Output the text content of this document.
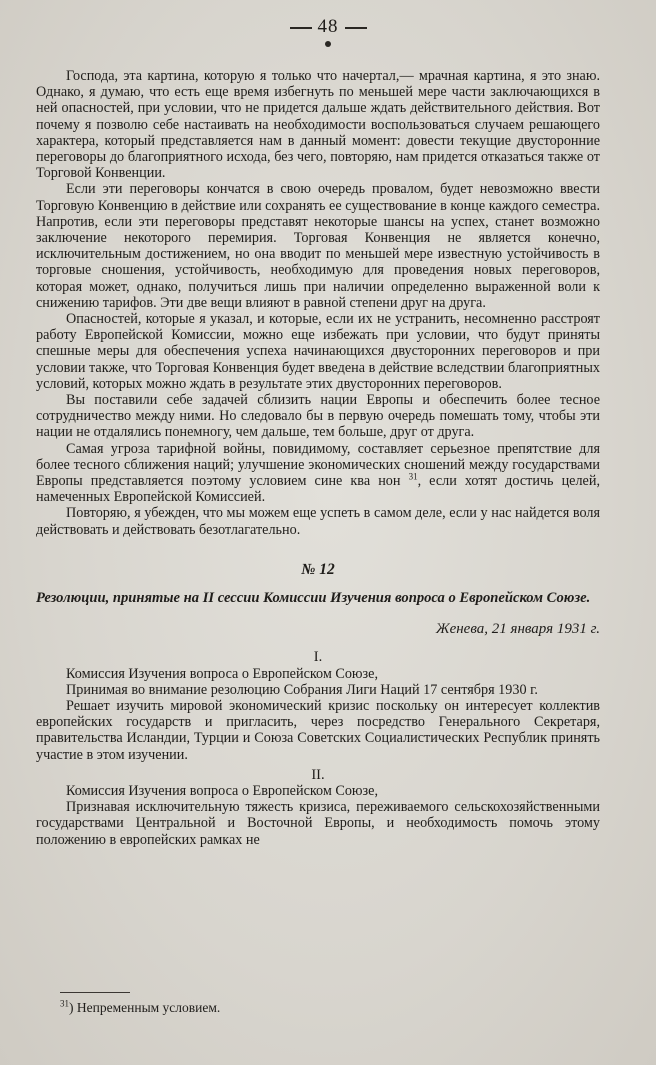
48

Господа, эта картина, которую я только что начертал,— мрачная картина, я это знаю. Однако, я думаю, что есть еще время избегнуть по меньшей мере части заключающихся в ней опасностей, при условии, что не придется дальше ждать действительного действия. Вот почему я позволю себе настаивать на необходимости воспользоваться случаем решающего характера, который представляется нам в данный момент: довести текущие двусторонние переговоры до благоприятного исхода, без чего, повторяю, нам придется отказаться также от Торговой Конвенции.

Если эти переговоры кончатся в свою очередь провалом, будет невозможно ввести Торговую Конвенцию в действие или сохранять ее существование в конце каждого семестра. Напротив, если эти переговоры представят некоторые шансы на успех, станет возможно заключение некоторого перемирия. Торговая Конвенция не является конечно, исключительным достижением, но она вводит по меньшей мере известную устойчивость в торговые сношения, устойчивость, необходимую для проведения новых переговоров, которая может, однако, получиться лишь при наличии определенно выраженной воли к снижению тарифов. Эти две вещи влияют в равной степени друг на друга.

Опасностей, которые я указал, и которые, если их не устранить, несомненно расстроят работу Европейской Комиссии, можно еще избежать при условии, что будут приняты спешные меры для обеспечения успеха начинающихся двусторонних переговоров и при условии также, что Торговая Конвенция будет введена в действие вследствии благоприятных условий, которых можно ждать в результате этих двусторонних переговоров.

Вы поставили себе задачей сблизить нации Европы и обеспечить более тесное сотрудничество между ними. Но следовало бы в первую очередь помешать тому, чтобы эти нации не отдалялись понемногу, чем дальше, тем больше, друг от друга.

Самая угроза тарифной войны, повидимому, составляет серьезное препятствие для более тесного сближения наций; улучшение экономических сношений между государствами Европы представляется поэтому условием сине ква нон $^{31}$, если хотят достичь целей, намеченных Европейской Комиссией.

Повторяю, я убежден, что мы можем еще успеть в самом деле, если у нас найдется воля действовать и действовать безотлагательно.

№ 12

Резолюции, принятые на II сессии Комиссии Изучения вопроса о Европейском Союзе.

Женева, 21 января 1931 г.
I.

Комиссия Изучения вопроса о Европейском Союзе,

Принимая во внимание резолюцию Собрания Лиги Наций 17 сентября 1930 г.

Решает изучить мировой экономический кризис поскольку он интересует коллектив европейских государств и пригласить, через посредство Генерального Секретаря, правительства Исландии, Турции и Союза Советских Социалистических Республик принять участие в этом изучении.

II.

Комиссия Изучения вопроса о Европейском Союзе,

Признавая исключительную тяжесть кризиса, переживаемого сельскохозяйственными государствами Центральной и Восточной Европы, и необходимость помочь этому положению в европейских рамках не

$^{31}$) Непременным условием.
